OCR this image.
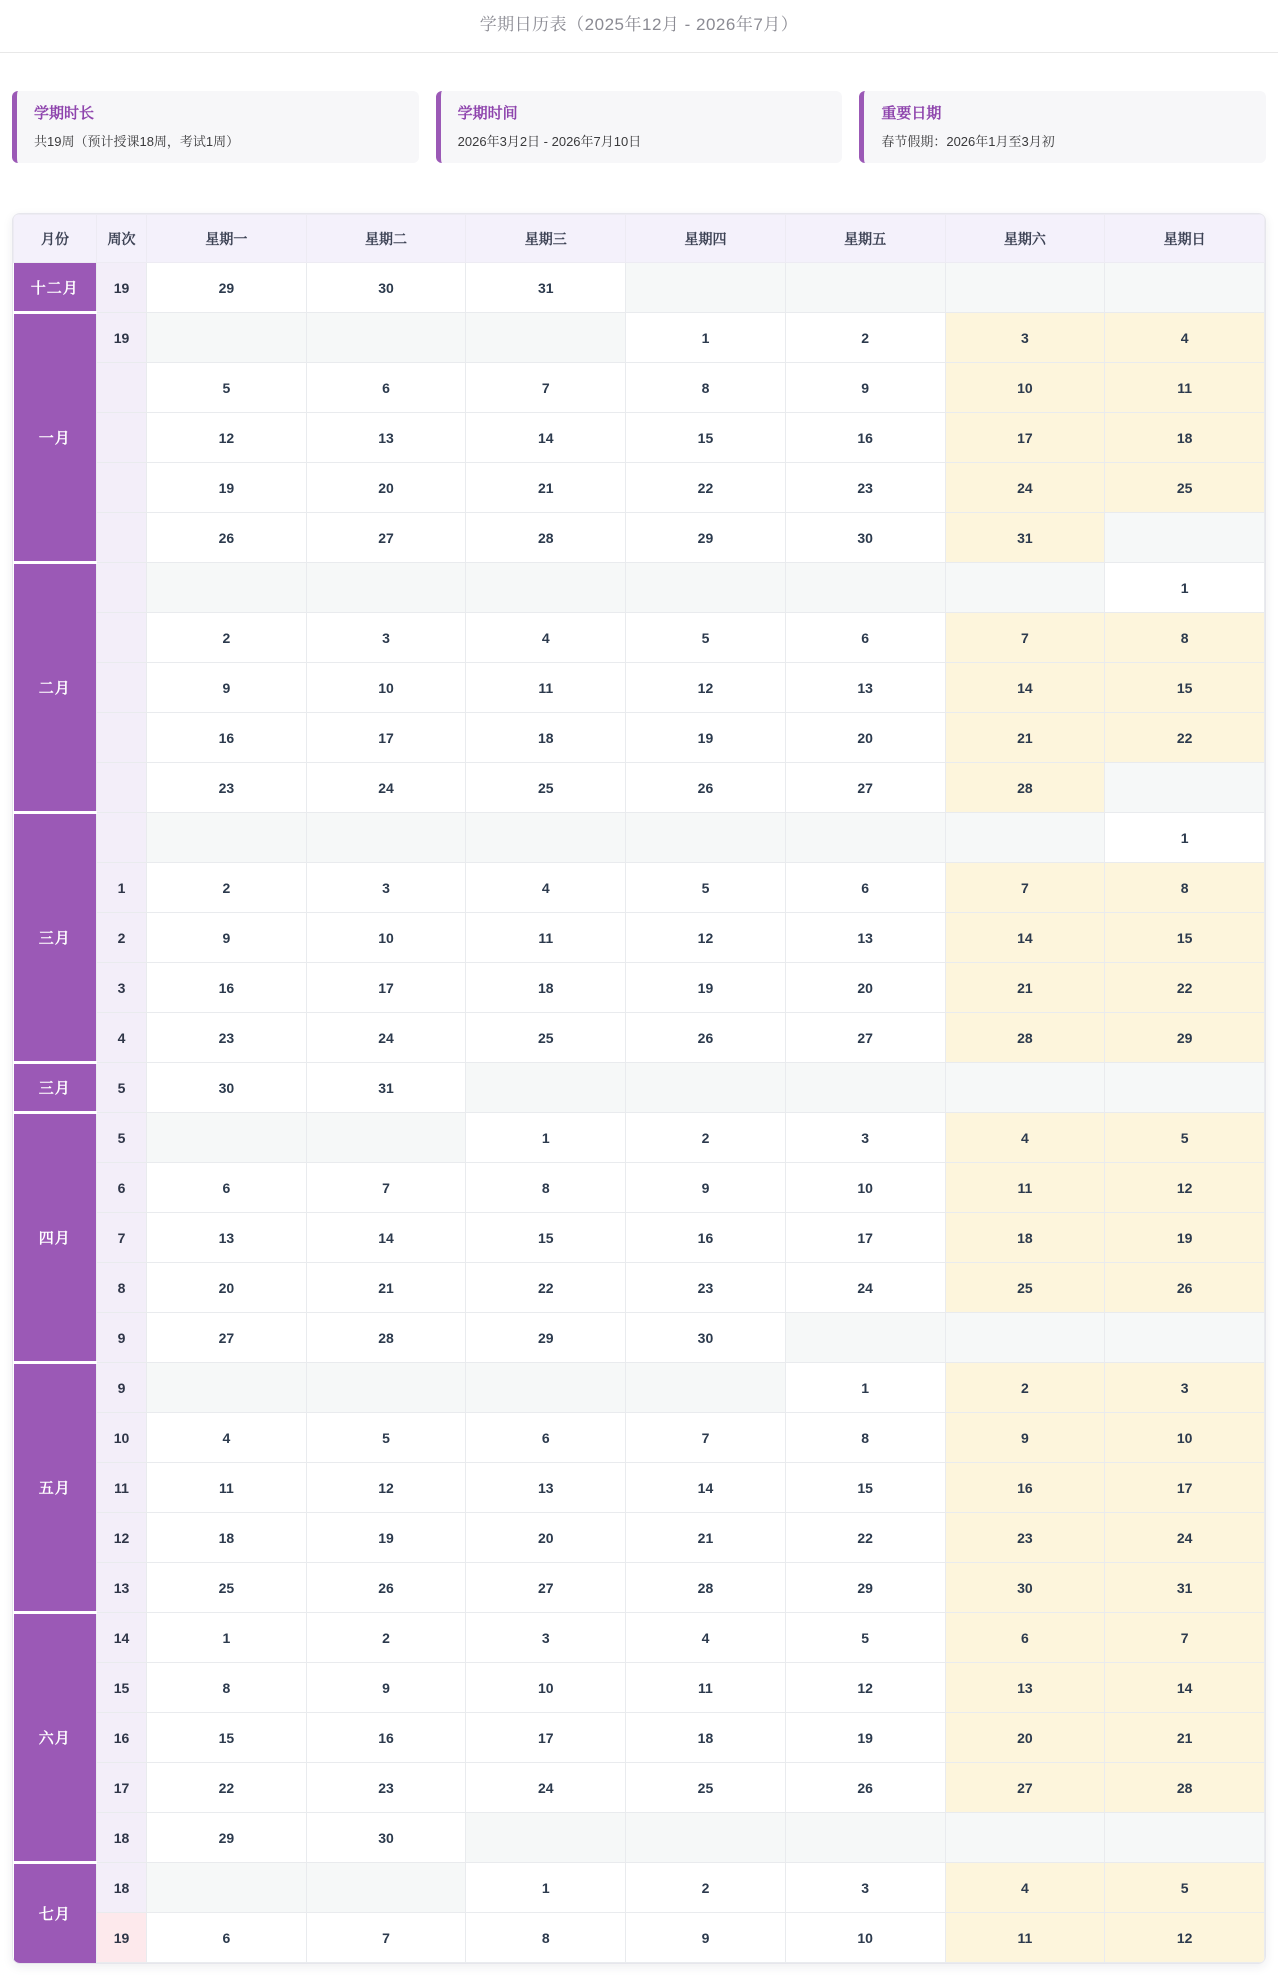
学期日历表（2025年12月 - 2026年7月）
学期时长

共19周（预计授课18周，考试1周）

学期时间

2026年3月2日 - 2026年7月10日

重要日期

春节假期：2026年1月至3月初

月份	周次	星期一	星期二	星期三	星期四	星期五	星期六	星期日
十二月	19	29	30	31				
一月	19				1	2	3	4
		5	6	7	8	9	10	11
		12	13	14	15	16	17	18
		19	20	21	22	23	24	25
		26	27	28	29	30	31	
二月								1
		2	3	4	5	6	7	8
		9	10	11	12	13	14	15
		16	17	18	19	20	21	22
		23	24	25	26	27	28	
三月								1
	1	2	3	4	5	6	7	8
	2	9	10	11	12	13	14	15
	3	16	17	18	19	20	21	22
	4	23	24	25	26	27	28	29
三月	5	30	31					
四月	5			1	2	3	4	5
	6	6	7	8	9	10	11	12
	7	13	14	15	16	17	18	19
	8	20	21	22	23	24	25	26
	9	27	28	29	30			
五月	9					1	2	3
	10	4	5	6	7	8	9	10
	11	11	12	13	14	15	16	17
	12	18	19	20	21	22	23	24
	13	25	26	27	28	29	30	31
六月	14	1	2	3	4	5	6	7
	15	8	9	10	11	12	13	14
	16	15	16	17	18	19	20	21
	17	22	23	24	25	26	27	28
	18	29	30					
七月	18			1	2	3	4	5
	19	6	7	8	9	10	11	12
